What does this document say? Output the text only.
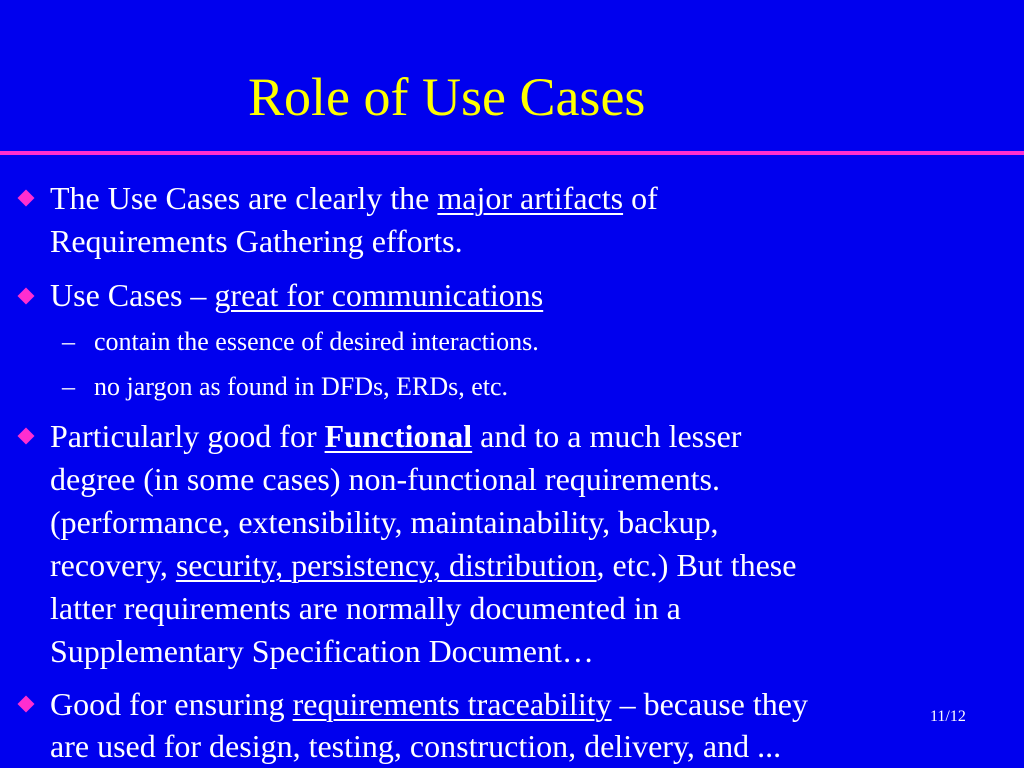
Role of Use Cases
The Use Cases are clearly the major artifacts of
Requirements Gathering efforts.
Use Cases – great for communications
– contain the essence of desired interactions.
– no jargon as found in DFDs, ERDs, etc.
Particularly good for Functional and to a much lesser
degree (in some cases) non-functional requirements.
(performance, extensibility, maintainability, backup,
recovery, security, persistency, distribution, etc.) But these
latter requirements are normally documented in a
Supplementary Specification Document…
Good for ensuring requirements traceability – because they
are used for design, testing, construction, delivery, and ...
11/12
